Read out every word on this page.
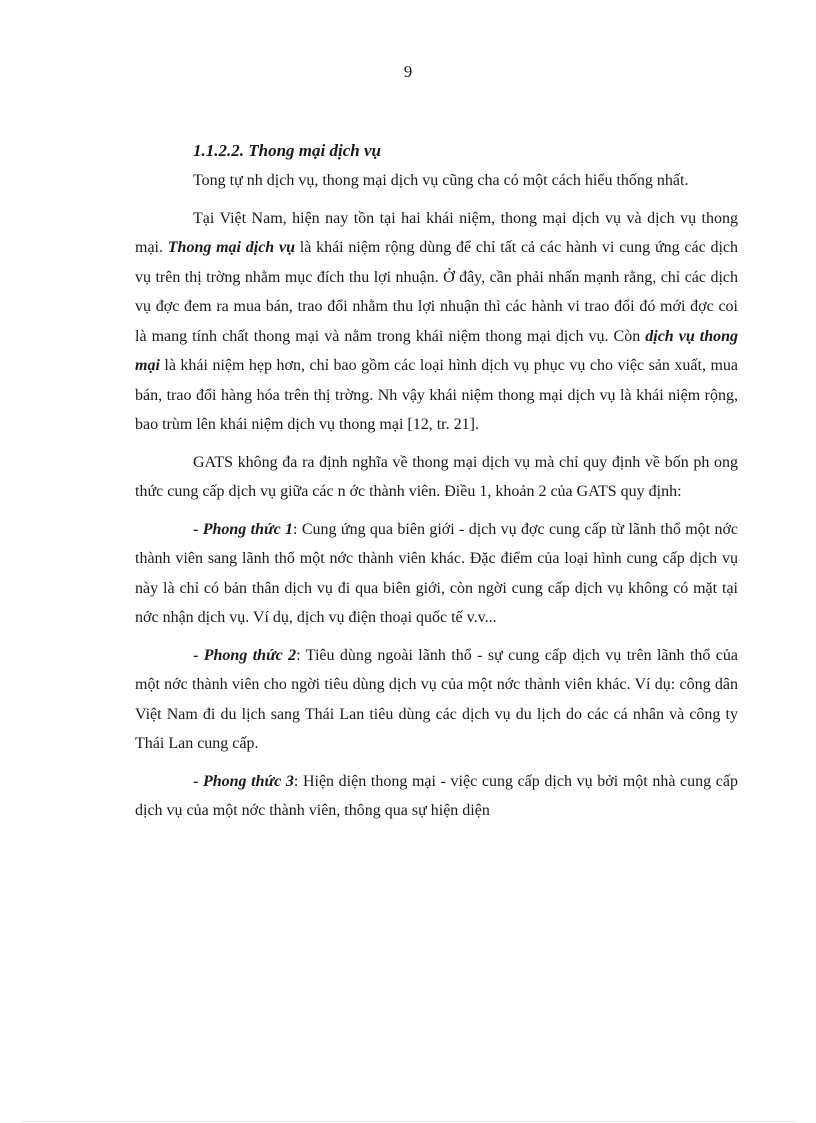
9
1.1.2.2. Thong mại dịch vụ

Tong tự nh dịch vụ, thong mại dịch vụ cũng cha có một cách hiểu thống nhất.

Tại Việt Nam, hiện nay tồn tại hai khái niệm, thong mại dịch vụ và dịch vụ thong mại. Thong mại dịch vụ là khái niệm rộng dùng để chỉ tất cả các hành vi cung ứng các dịch vụ trên thị trờng nhằm mục đích thu lợi nhuận. Ở đây, cần phải nhấn mạnh rằng, chỉ các dịch vụ đợc đem ra mua bán, trao đổi nhằm thu lợi nhuận thì các hành vi trao đổi đó mới đợc coi là mang tính chất thong mại và nằm trong khái niệm thong mại dịch vụ. Còn dịch vụ thong mại là khái niệm hẹp hơn, chỉ bao gồm các loại hình dịch vụ phục vụ cho việc sản xuất, mua bán, trao đổi hàng hóa trên thị trờng. Nh vậy khái niệm thong mại dịch vụ là khái niệm rộng, bao trùm lên khái niệm dịch vụ thong mại [12, tr. 21].

GATS không đa ra định nghĩa về thong mại dịch vụ mà chỉ quy định về bốn ph ong thức cung cấp dịch vụ giữa các n ớc thành viên. Điều 1, khoản 2 của GATS quy định:

- Phong thức 1: Cung ứng qua biên giới - dịch vụ đợc cung cấp từ lãnh thổ một nớc thành viên sang lãnh thổ một nớc thành viên khác. Đặc điểm của loại hình cung cấp dịch vụ này là chỉ có bản thân dịch vụ đi qua biên giới, còn ngời cung cấp dịch vụ không có mặt tại nớc nhận dịch vụ. Ví dụ, dịch vụ điện thoại quốc tế v.v...

- Phong thức 2: Tiêu dùng ngoài lãnh thổ - sự cung cấp dịch vụ trên lãnh thổ của một nớc thành viên cho ngời tiêu dùng dịch vụ của một nớc thành viên khác. Ví dụ: công dân Việt Nam đi du lịch sang Thái Lan tiêu dùng các dịch vụ du lịch do các cá nhân và công ty Thái Lan cung cấp.

- Phong thức 3: Hiện diện thong mại - việc cung cấp dịch vụ bởi một nhà cung cấp dịch vụ của một nớc thành viên, thông qua sự hiện diện
